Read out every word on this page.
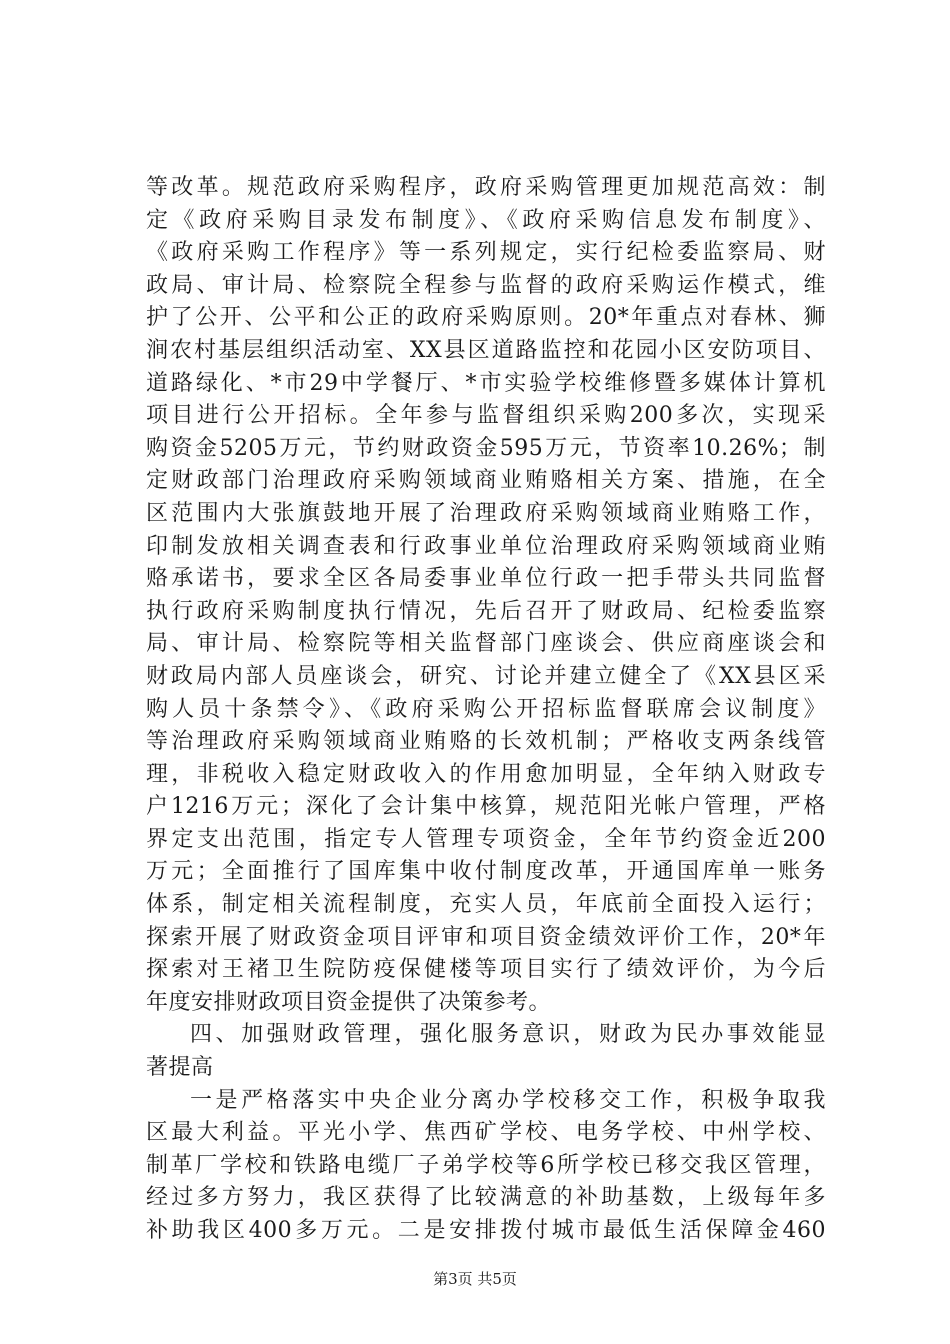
等改革。规范政府采购程序，政府采购管理更加规范高效：制
定《政府采购目录发布制度》、《政府采购信息发布制度》、
《政府采购工作程序》等一系列规定，实行纪检委监察局、财
政局、审计局、检察院全程参与监督的政府采购运作模式，维
护了公开、公平和公正的政府采购原则。20*年重点对春林、狮
涧农村基层组织活动室、XX县区道路监控和花园小区安防项目、
道路绿化、*市29中学餐厅、*市实验学校维修暨多媒体计算机
项目进行公开招标。全年参与监督组织采购200多次，实现采
购资金5205万元，节约财政资金595万元，节资率10.26%；制
定财政部门治理政府采购领域商业贿赂相关方案、措施，在全
区范围内大张旗鼓地开展了治理政府采购领域商业贿赂工作，
印制发放相关调查表和行政事业单位治理政府采购领域商业贿
赂承诺书，要求全区各局委事业单位行政一把手带头共同监督
执行政府采购制度执行情况，先后召开了财政局、纪检委监察
局、审计局、检察院等相关监督部门座谈会、供应商座谈会和
财政局内部人员座谈会，研究、讨论并建立健全了《XX县区采
购人员十条禁令》、《政府采购公开招标监督联席会议制度》
等治理政府采购领域商业贿赂的长效机制；严格收支两条线管
理，非税收入稳定财政收入的作用愈加明显，全年纳入财政专
户1216万元；深化了会计集中核算，规范阳光帐户管理，严格
界定支出范围，指定专人管理专项资金，全年节约资金近200
万元；全面推行了国库集中收付制度改革，开通国库单一账务
体系，制定相关流程制度，充实人员，年底前全面投入运行；
探索开展了财政资金项目评审和项目资金绩效评价工作，20*年
探索对王褚卫生院防疫保健楼等项目实行了绩效评价，为今后
年度安排财政项目资金提供了决策参考。
四、加强财政管理，强化服务意识，财政为民办事效能显
著提高
一是严格落实中央企业分离办学校移交工作，积极争取我
区最大利益。平光小学、焦西矿学校、电务学校、中州学校、
制革厂学校和铁路电缆厂子弟学校等6所学校已移交我区管理，
经过多方努力，我区获得了比较满意的补助基数，上级每年多
补助我区400多万元。二是安排拨付城市最低生活保障金460
第3页 共5页
